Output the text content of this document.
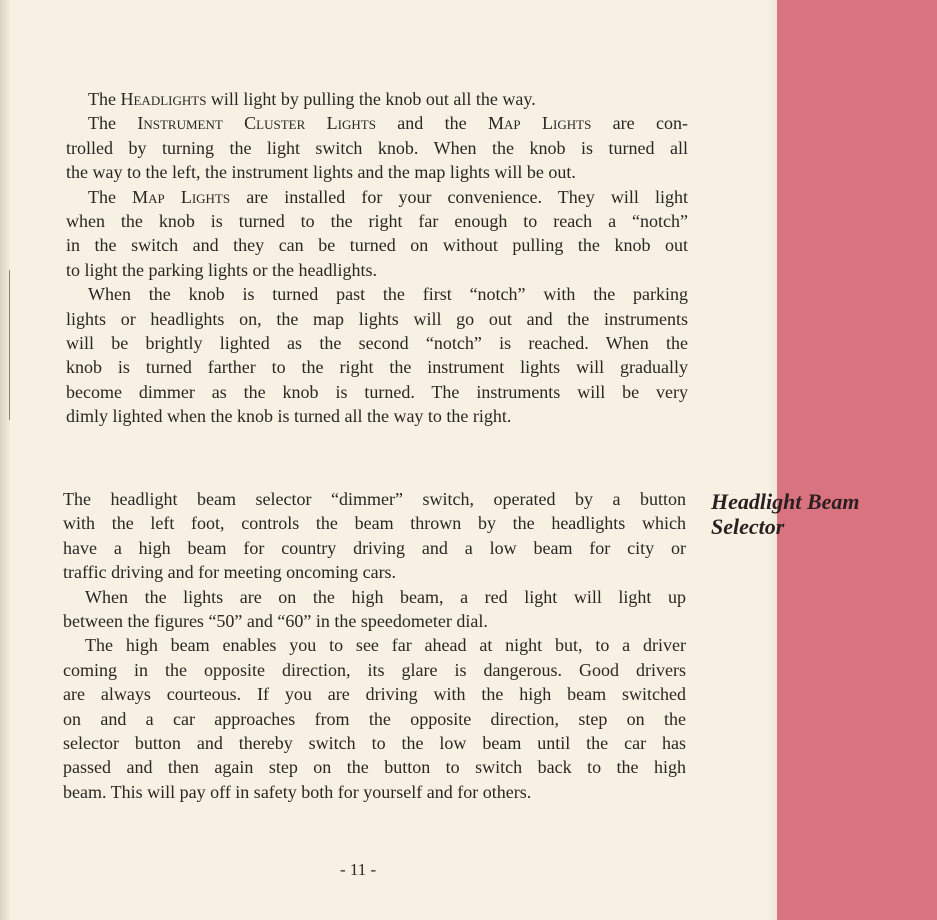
The Headlights will light by pulling the knob out all the way.
The Instrument Cluster Lights and the Map Lights are con-
trolled by turning the light switch knob. When the knob is turned all
the way to the left, the instrument lights and the map lights will be out.
The Map Lights are installed for your convenience. They will light
when the knob is turned to the right far enough to reach a “notch”
in the switch and they can be turned on without pulling the knob out
to light the parking lights or the headlights.
When the knob is turned past the first “notch” with the parking
lights or headlights on, the map lights will go out and the instruments
will be brightly lighted as the second “notch” is reached. When the
knob is turned farther to the right the instrument lights will gradually
become dimmer as the knob is turned. The instruments will be very
dimly lighted when the knob is turned all the way to the right.
The headlight beam selector “dimmer” switch, operated by a button
with the left foot, controls the beam thrown by the headlights which
have a high beam for country driving and a low beam for city or
traffic driving and for meeting oncoming cars.
When the lights are on the high beam, a red light will light up
between the figures “50” and “60” in the speedometer dial.
The high beam enables you to see far ahead at night but, to a driver
coming in the opposite direction, its glare is dangerous. Good drivers
are always courteous. If you are driving with the high beam switched
on and a car approaches from the opposite direction, step on the
selector button and thereby switch to the low beam until the car has
passed and then again step on the button to switch back to the high
beam. This will pay off in safety both for yourself and for others.
Headlight Beam
Selector
- 11 -
